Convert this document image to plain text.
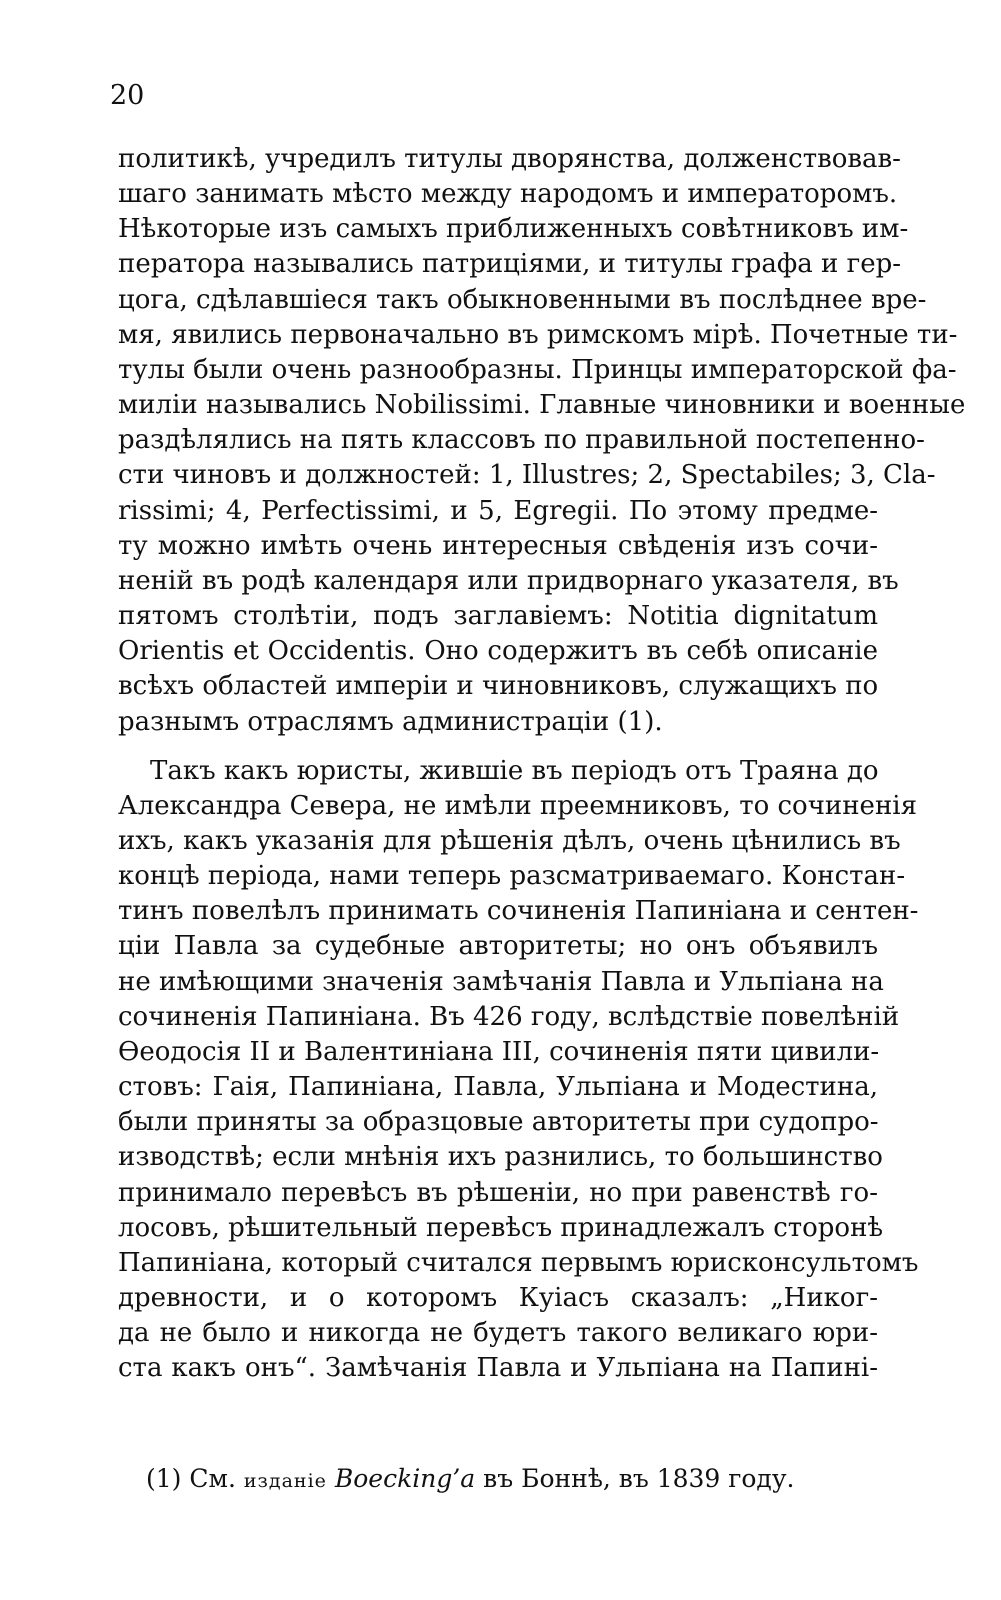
20
политикѣ, учредилъ титулы дворянства, долженствовав-
шаго занимать мѣсто между народомъ и императоромъ.
Нѣкоторые изъ самыхъ приближенныхъ совѣтниковъ им-
ператора назывались патриціями, и титулы графа и гер-
цога, сдѣлавшіеся такъ обыкновенными въ послѣднее вре-
мя, явились первоначально въ римскомъ мірѣ. Почетные ти-
тулы были очень разнообразны. Принцы императорской фа-
миліи назывались Nobilissimi. Главные чиновники и военные
раздѣлялись на пять классовъ по правильной постепенно-
сти чиновъ и должностей: 1, Illustres; 2, Spectabiles; 3, Cla-
rissimi; 4, Perfectissimi, и 5, Egregii. По этому предме-
ту можно имѣть очень интересныя свѣденія изъ сочи-
неній въ родѣ календаря или придворнаго указателя, въ
пятомъ столѣтіи, подъ заглавіемъ: Notitia dignitatum
Orientis et Occidentis. Оно содержитъ въ себѣ описаніе
всѣхъ областей имперіи и чиновниковъ, служащихъ по
разнымъ отраслямъ администраціи (1).
Такъ какъ юристы, жившіе въ періодъ отъ Траяна до
Александра Севера, не имѣли преемниковъ, то сочиненія
ихъ, какъ указанія для рѣшенія дѣлъ, очень цѣнились въ
концѣ періода, нами теперь разсматриваемаго. Констан-
тинъ повелѣлъ принимать сочиненія Папиніана и сентен-
ціи Павла за судебные авторитеты; но онъ объявилъ
не имѣющими значенія замѣчанія Павла и Ульпіана на
сочиненія Папиніана. Въ 426 году, вслѣдствіе повелѣній
Ѳеодосія II и Валентиніана III, сочиненія пяти цивили-
стовъ: Гаія, Папиніана, Павла, Ульпіана и Модестина,
были приняты за образцовые авторитеты при судопро-
изводствѣ; если мнѣнія ихъ разнились, то большинство
принимало перевѣсъ въ рѣшеніи, но при равенствѣ го-
лосовъ, рѣшительный перевѣсъ принадлежалъ сторонѣ
Папиніана, который считался первымъ юрисконсультомъ
древности, и о которомъ Куіасъ сказалъ: „Никог-
да не было и никогда не будетъ такого великаго юри-
ста какъ онъ“. Замѣчанія Павла и Ульпіана на Папині-
(1) См. изданіе Boecking’a въ Боннѣ, въ 1839 году.
